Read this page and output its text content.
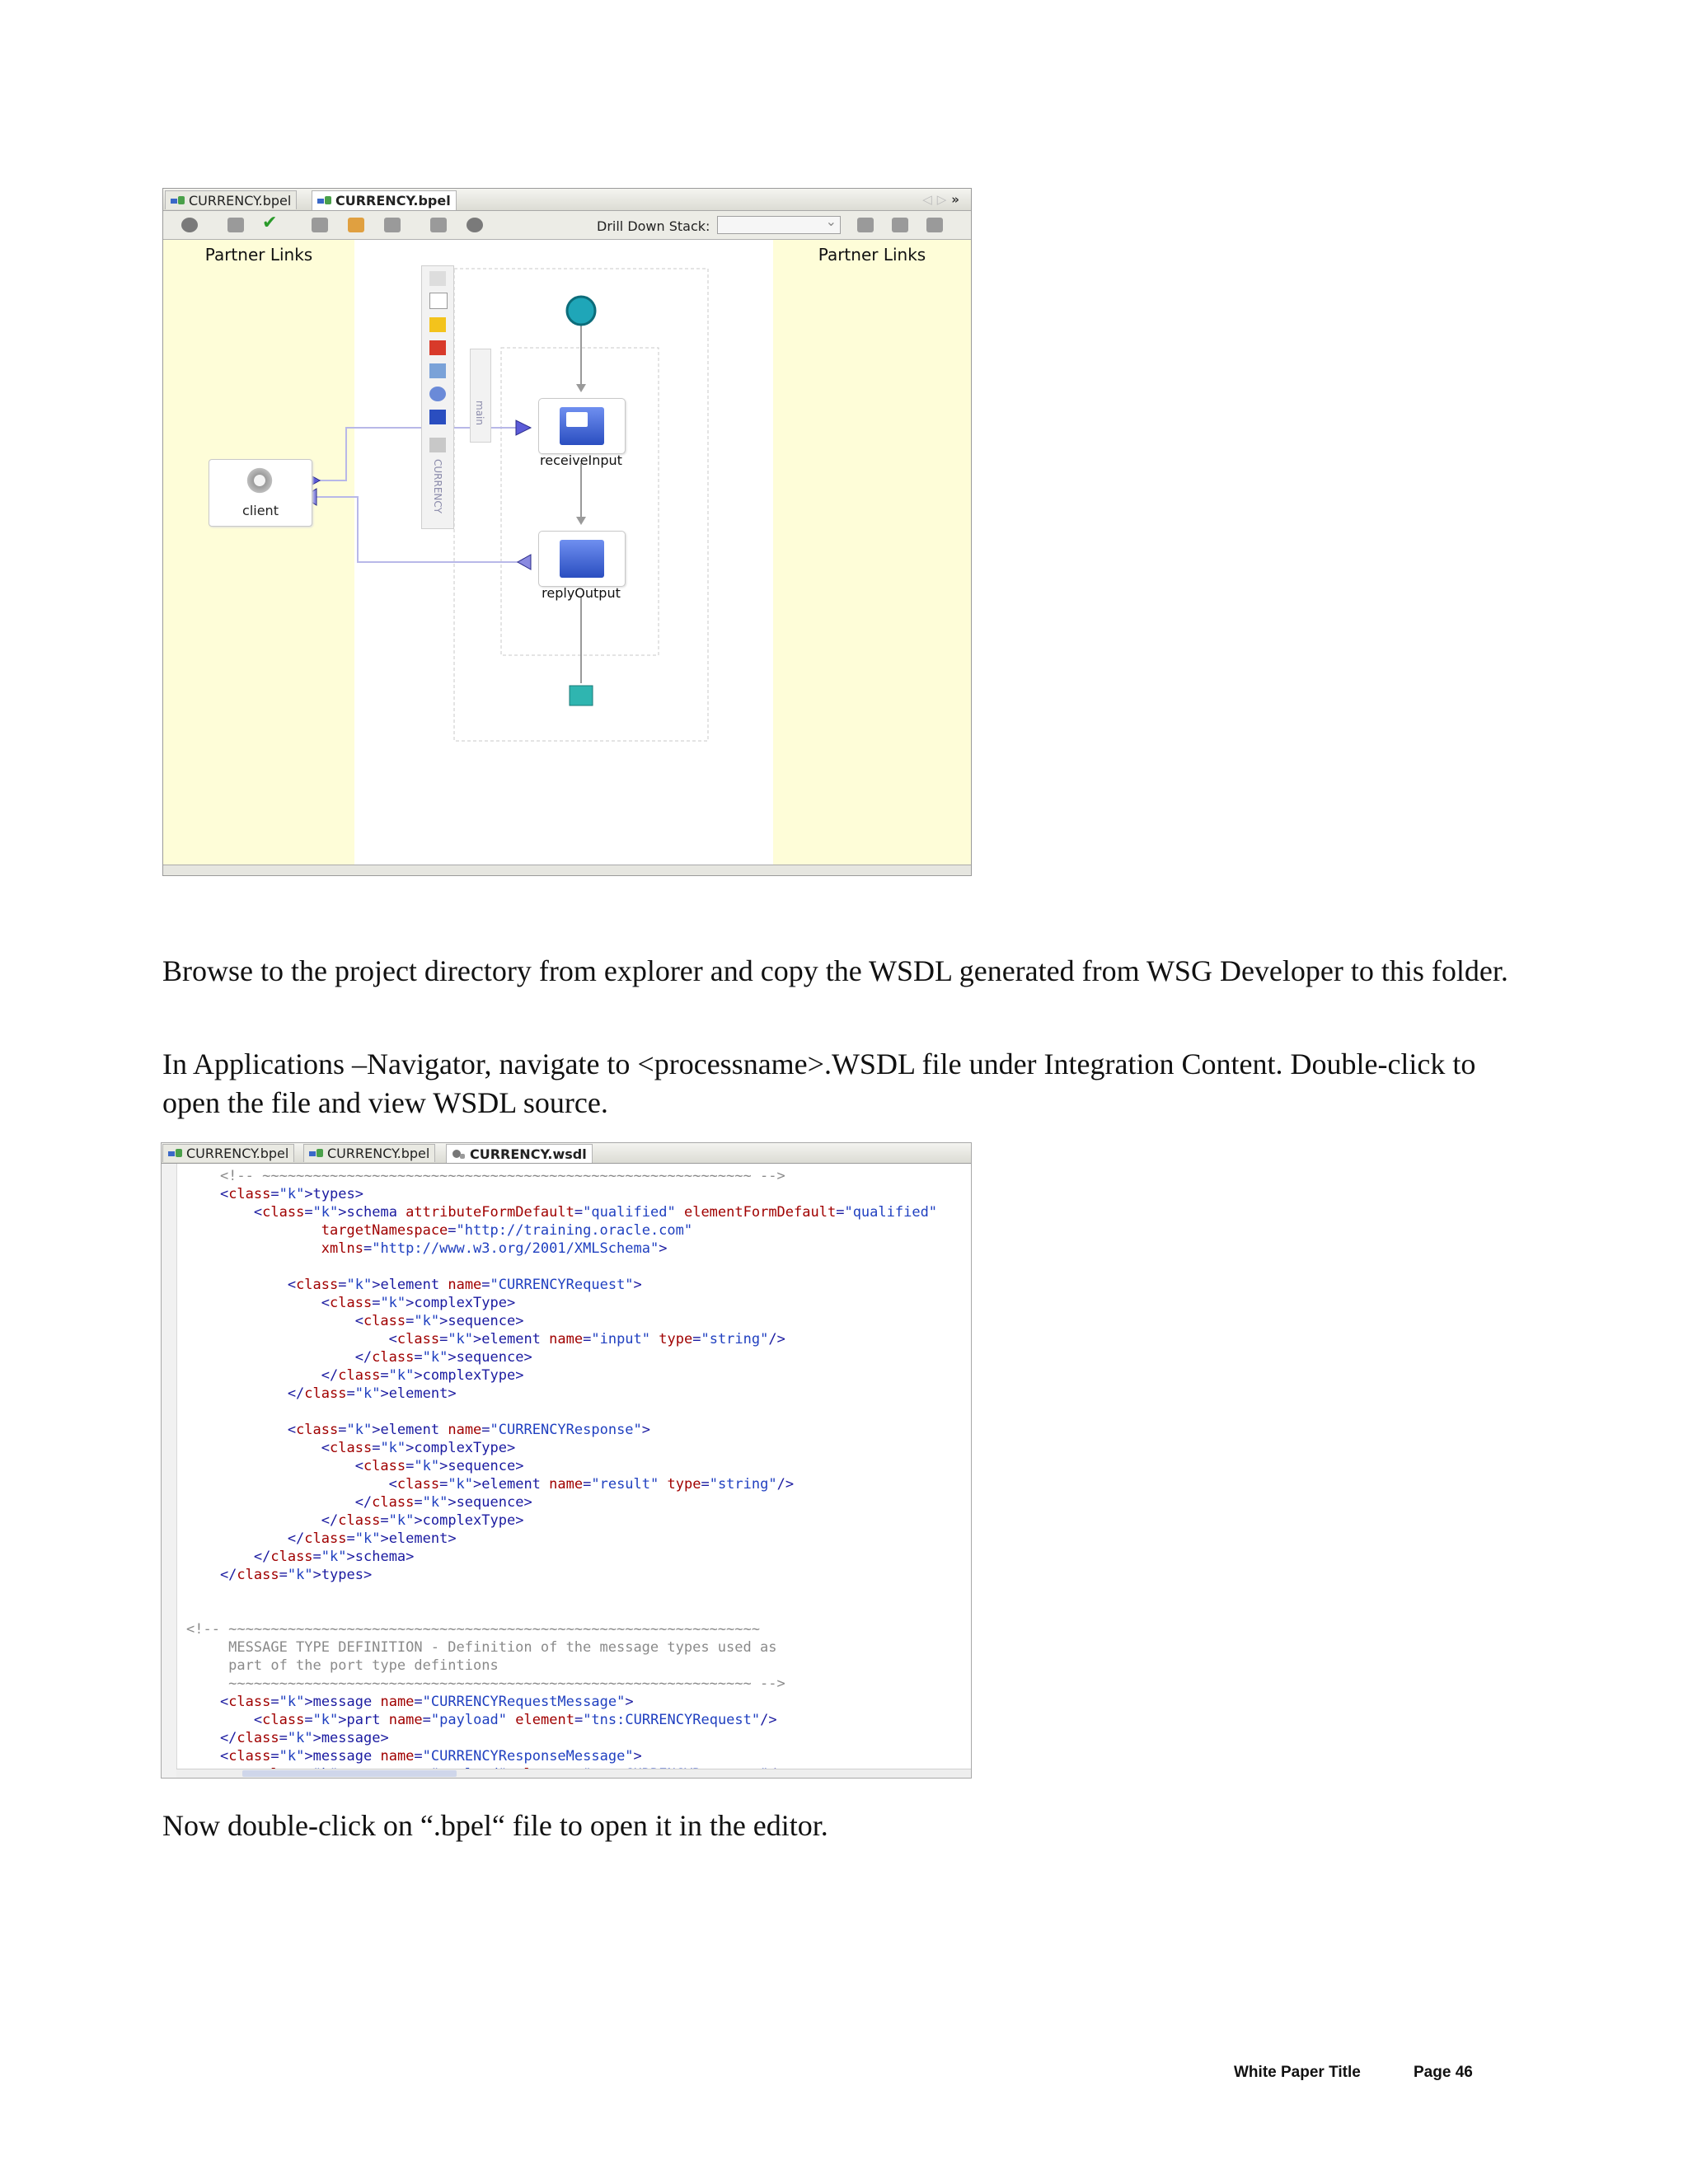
CURRENCY.bpel	CURRENCY.bpel	◁▷»
✔	Drill Down Stack:
⌄
Partner Links	Partner Links
CURRENCY
main
client
receiveInput
replyOutput

Browse to the project directory from explorer and copy the WSDL generated from WSG Developer to this folder.

In Applications –Navigator, navigate to <processname>.WSDL file under Integration Content. Double-click to open the file and view WSDL source.

CURRENCY.bpel	CURRENCY.bpel	CURRENCY.wsdl
<!-- ~~~~~~~~~~~~~~~~~~~~~~~~~~~~~~~~~~~~~~~~~~~~~~~~~~~~~~~~~~ -->
<class="k">types>
<class="k">schema attributeFormDefault="qualified" elementFormDefault="qualified"
targetNamespace="http://training.oracle.com"
xmlns="http://www.w3.org/2001/XMLSchema">

<class="k">element name="CURRENCYRequest">
<class="k">complexType>
<class="k">sequence>
<class="k">element name="input" type="string"/>
</class="k">sequence>
</class="k">complexType>
</class="k">element>

<class="k">element name="CURRENCYResponse">
<class="k">complexType>
<class="k">sequence>
<class="k">element name="result" type="string"/>
</class="k">sequence>
</class="k">complexType>
</class="k">element>
</class="k">schema>
</class="k">types>

<!-- ~~~~~~~~~~~~~~~~~~~~~~~~~~~~~~~~~~~~~~~~~~~~~~~~~~~~~~~~~~~~~~~
MESSAGE TYPE DEFINITION - Definition of the message types used as
part of the port type defintions
~~~~~~~~~~~~~~~~~~~~~~~~~~~~~~~~~~~~~~~~~~~~~~~~~~~~~~~~~~~~~~ -->
<class="k">message name="CURRENCYRequestMessage">
<class="k">part name="payload" element="tns:CURRENCYRequest"/>
</class="k">message>
<class="k">message name="CURRENCYResponseMessage">

Now double-click on “.bpel“ file to open it in the editor.

White Paper Title	Page 46
